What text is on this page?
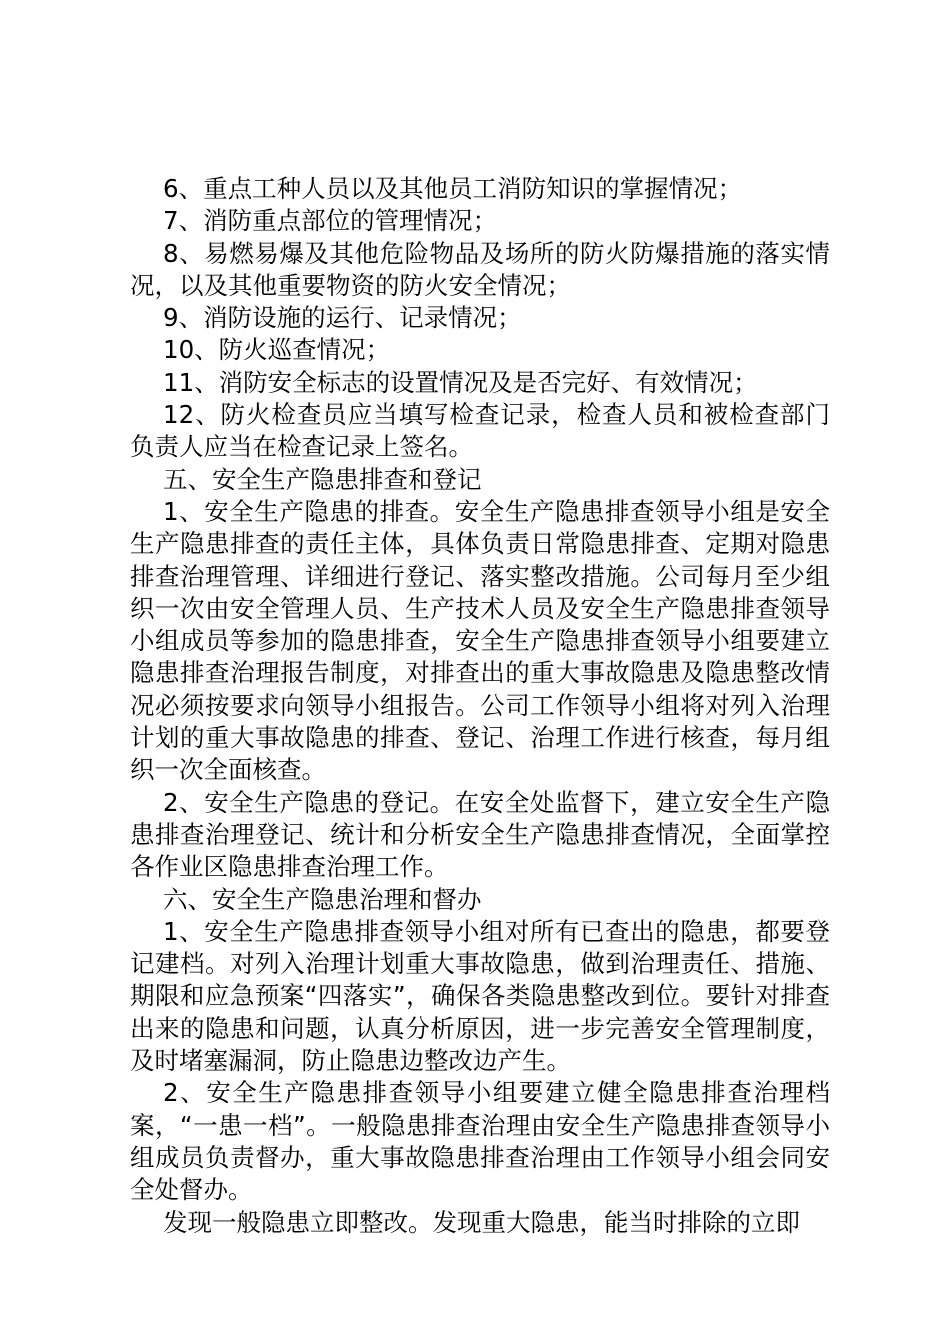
6、重点工种人员以及其他员工消防知识的掌握情况；

7、消防重点部位的管理情况；

8、易燃易爆及其他危险物品及场所的防火防爆措施的落实情况，以及其他重要物资的防火安全情况；

9、消防设施的运行、记录情况；

10、防火巡查情况；

11、消防安全标志的设置情况及是否完好、有效情况；

12、防火检查员应当填写检查记录，检查人员和被检查部门负责人应当在检查记录上签名。

五、安全生产隐患排查和登记

1、安全生产隐患的排查。安全生产隐患排查领导小组是安全生产隐患排查的责任主体，具体负责日常隐患排查、定期对隐患排查治理管理、详细进行登记、落实整改措施。公司每月至少组织一次由安全管理人员、生产技术人员及安全生产隐患排查领导小组成员等参加的隐患排查，安全生产隐患排查领导小组要建立隐患排查治理报告制度，对排查出的重大事故隐患及隐患整改情况必须按要求向领导小组报告。公司工作领导小组将对列入治理计划的重大事故隐患的排查、登记、治理工作进行核查，每月组织一次全面核查。

2、安全生产隐患的登记。在安全处监督下，建立安全生产隐患排查治理登记、统计和分析安全生产隐患排查情况，全面掌控各作业区隐患排查治理工作。

六、安全生产隐患治理和督办

1、安全生产隐患排查领导小组对所有已查出的隐患，都要登记建档。对列入治理计划重大事故隐患，做到治理责任、措施、期限和应急预案“四落实”，确保各类隐患整改到位。要针对排查出来的隐患和问题，认真分析原因，进一步完善安全管理制度，及时堵塞漏洞，防止隐患边整改边产生。

2、安全生产隐患排查领导小组要建立健全隐患排查治理档案，“一患一档”。一般隐患排查治理由安全生产隐患排查领导小组成员负责督办，重大事故隐患排查治理由工作领导小组会同安全处督办。

发现一般隐患立即整改。发现重大隐患，能当时排除的立即
